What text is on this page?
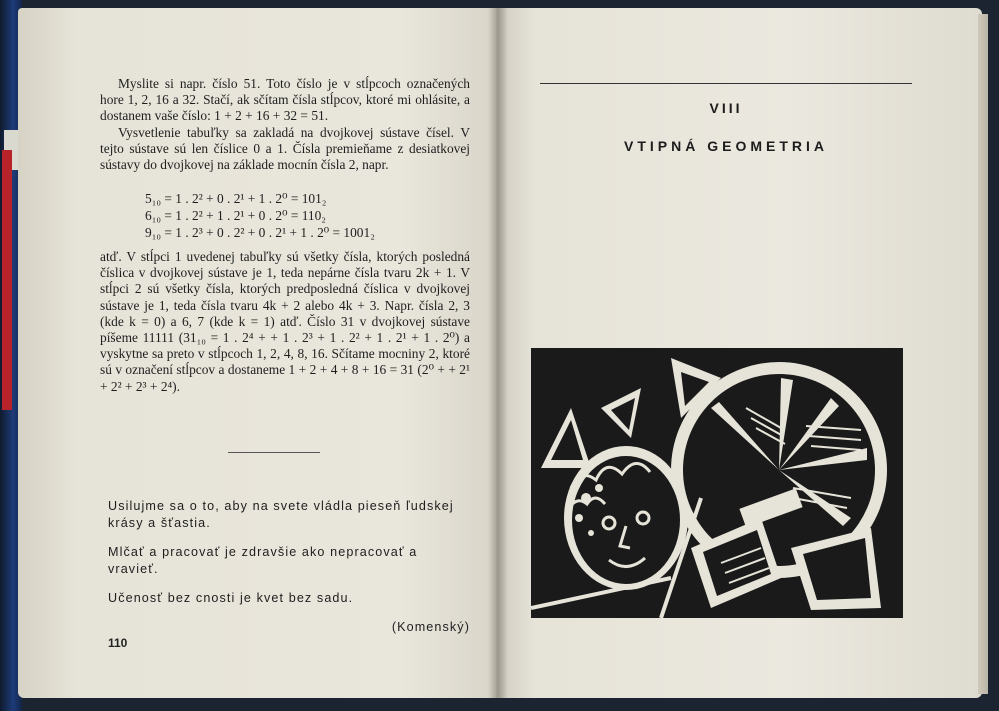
Myslite si napr. číslo 51. Toto číslo je v stĺpcoch označených hore 1, 2, 16 a 32. Stačí, ak sčítam čísla stĺpcov, ktoré mi ohlásite, a dostanem vaše číslo: 1 + 2 + 16 + 32 = 51.

Vysvetlenie tabuľky sa zakladá na dvojkovej sústave čísel. V tejto sústave sú len číslice 0 a 1. Čísla premieňame z desiatkovej sústavy do dvojkovej na základe mocnín čísla 2, napr.

5₁₀ = 1 . 2² + 0 . 2¹ + 1 . 2⁰ = 101₂
6₁₀ = 1 . 2² + 1 . 2¹ + 0 . 2⁰ = 110₂
9₁₀ = 1 . 2³ + 0 . 2² + 0 . 2¹ + 1 . 2⁰ = 1001₂

atď. V stĺpci 1 uvedenej tabuľky sú všetky čísla, ktorých posledná číslica v dvojkovej sústave je 1, teda nepárne čísla tvaru 2k + 1. V stĺpci 2 sú všetky čísla, ktorých predposledná číslica v dvojkovej sústave je 1, teda čísla tvaru 4k + 2 alebo 4k + 3. Napr. čísla 2, 3 (kde k = 0) a 6, 7 (kde k = 1) atď. Číslo 31 v dvojkovej sústave píšeme 11111 (31₁₀ = 1 . 2⁴ + + 1 . 2³ + 1 . 2² + 1 . 2¹ + 1 . 2⁰) a vyskytne sa preto v stĺpcoch 1, 2, 4, 8, 16. Sčítame mocniny 2, ktoré sú v označení stĺpcov a dostaneme 1 + 2 + 4 + 8 + 16 = 31 (2⁰ + + 2¹ + 2² + 2³ + 2⁴).

Usilujme sa o to, aby na svete vládla pieseň ľudskej krásy a šťastia.

Mlčať a pracovať je zdravšie ako nepracovať a vravieť.

Učenosť bez cnosti je kvet bez sadu.

(Komenský)

110
VIII
VTIPNÁ GEOMETRIA
